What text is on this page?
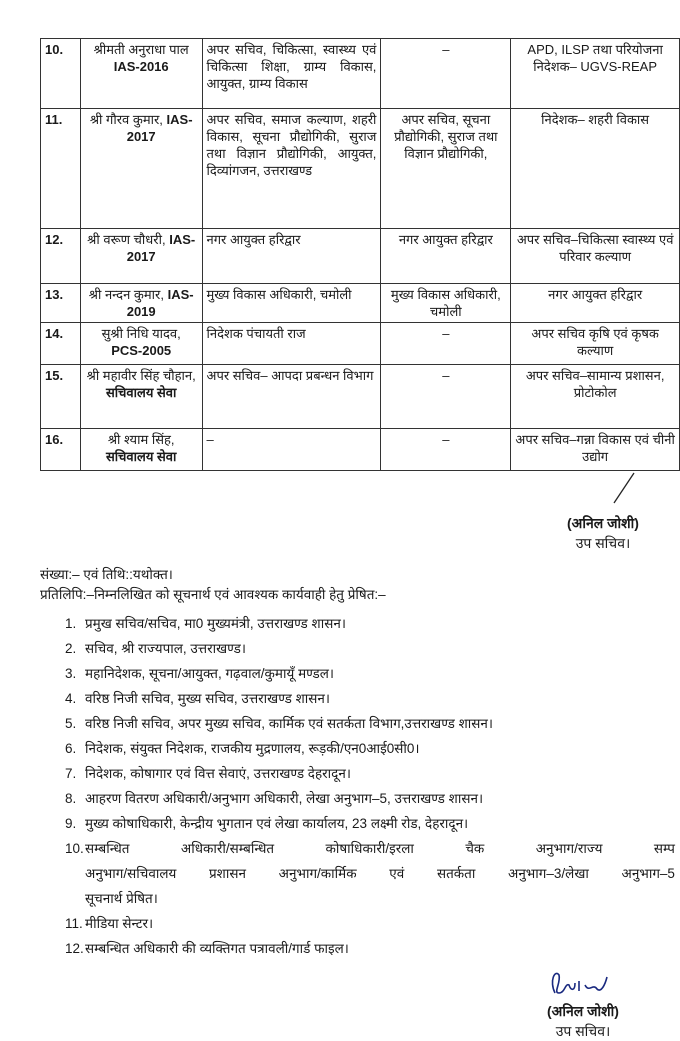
10.	श्रीमती अनुराधा पाल IAS-2016	अपर सचिव, चिकित्सा, स्वास्थ्य एवं चिकित्सा शिक्षा, ग्राम्य विकास, आयुक्त, ग्राम्य विकास	–	APD, ILSP तथा परियोजना निदेशक– UGVS-REAP
11.	श्री गौरव कुमार, IAS-2017	अपर सचिव, समाज कल्याण, शहरी विकास, सूचना प्रौद्योगिकी, सुराज तथा विज्ञान प्रौद्योगिकी, आयुक्त, दिव्यांगजन, उत्तराखण्ड	अपर सचिव, सूचना प्रौद्योगिकी, सुराज तथा विज्ञान प्रौद्योगिकी,	निदेशक– शहरी विकास
12.	श्री वरूण चौधरी, IAS-2017	नगर आयुक्त हरिद्वार	नगर आयुक्त हरिद्वार	अपर सचिव–चिकित्सा स्वास्थ्य एवं परिवार कल्याण
13.	श्री नन्दन कुमार, IAS-2019	मुख्य विकास अधिकारी, चमोली	मुख्य विकास अधिकारी, चमोली	नगर आयुक्त हरिद्वार
14.	सुश्री निधि यादव, PCS-2005	निदेशक पंचायती राज	–	अपर सचिव कृषि एवं कृषक कल्याण
15.	श्री महावीर सिंह चौहान, सचिवालय सेवा	अपर सचिव– आपदा प्रबन्धन विभाग	–	अपर सचिव–सामान्य प्रशासन, प्रोटोकोल
16.	श्री श्याम सिंह, सचिवालय सेवा	–	–	अपर सचिव–गन्ना विकास एवं चीनी उद्योग
(अनिल जोशी)
उप सचिव।
संख्या:– एवं तिथि::यथोक्त।
प्रतिलिपि:–निम्नलिखित को सूचनार्थ एवं आवश्यक कार्यवाही हेतु प्रेषित:–
1. प्रमुख सचिव/सचिव, मा0 मुख्यमंत्री, उत्तराखण्ड शासन।
2. सचिव, श्री राज्यपाल, उत्तराखण्ड।
3. महानिदेशक, सूचना/आयुक्त, गढ़वाल/कुमायूँ मण्डल।
4. वरिष्ठ निजी सचिव, मुख्य सचिव, उत्तराखण्ड शासन।
5. वरिष्ठ निजी सचिव, अपर मुख्य सचिव, कार्मिक एवं सतर्कता विभाग,उत्तराखण्ड शासन।
6. निदेशक, संयुक्त निदेशक, राजकीय मुद्रणालय, रूड़की/एन0आई0सी0।
7. निदेशक, कोषागार एवं वित्त सेवाएं, उत्तराखण्ड देहरादून।
8. आहरण वितरण अधिकारी/अनुभाग अधिकारी, लेखा अनुभाग–5, उत्तराखण्ड शासन।
9. मुख्य कोषाधिकारी, केन्द्रीय भुगतान एवं लेखा कार्यालय, 23 लक्ष्मी रोड, देहरादून।
10. सम्बन्धित	अधिकारी/सम्बन्धित	कोषाधिकारी/इरला	चैक	अनुभाग/राज्य	सम्प
अनुभाग/सचिवालय प्रशासन अनुभाग/कार्मिक एवं सतर्कता अनुभाग–3/लेखा अनुभाग–5
सूचनार्थ प्रेषित।
11. मीडिया सेन्टर।
12.सम्बन्धित अधिकारी की व्यक्तिगत पत्रावली/गार्ड फाइल।
(अनिल जोशी)
उप सचिव।
